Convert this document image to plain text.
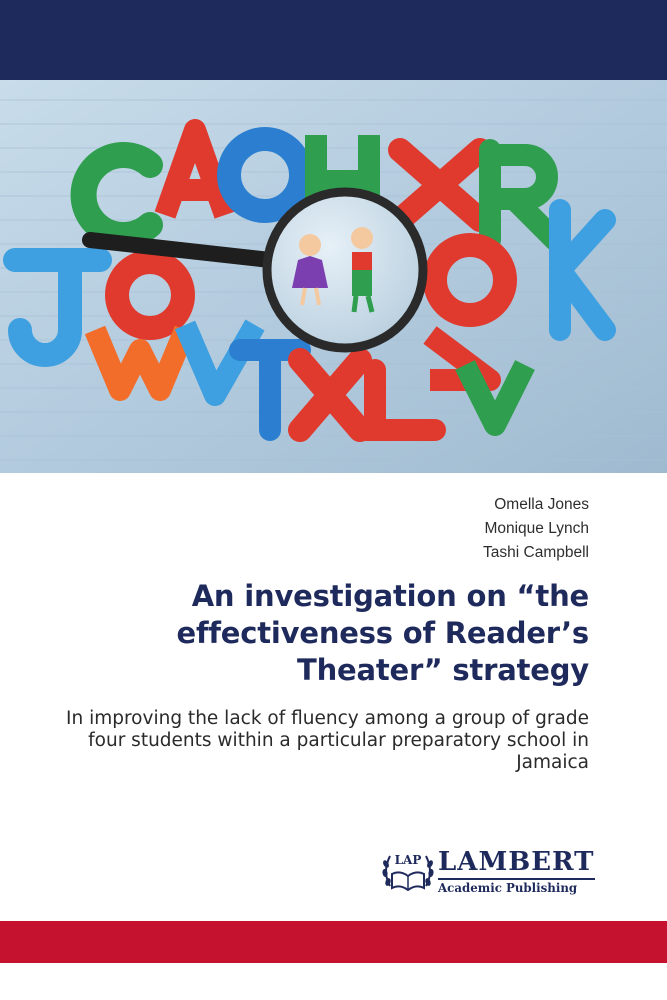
Omella Jones
Monique Lynch
Tashi Campbell
An investigation on “the effectiveness of Reader’s Theater” strategy
In improving the lack of fluency among a group of grade four students within a particular preparatory school in Jamaica
LAP LAMBERT
Academic Publishing
